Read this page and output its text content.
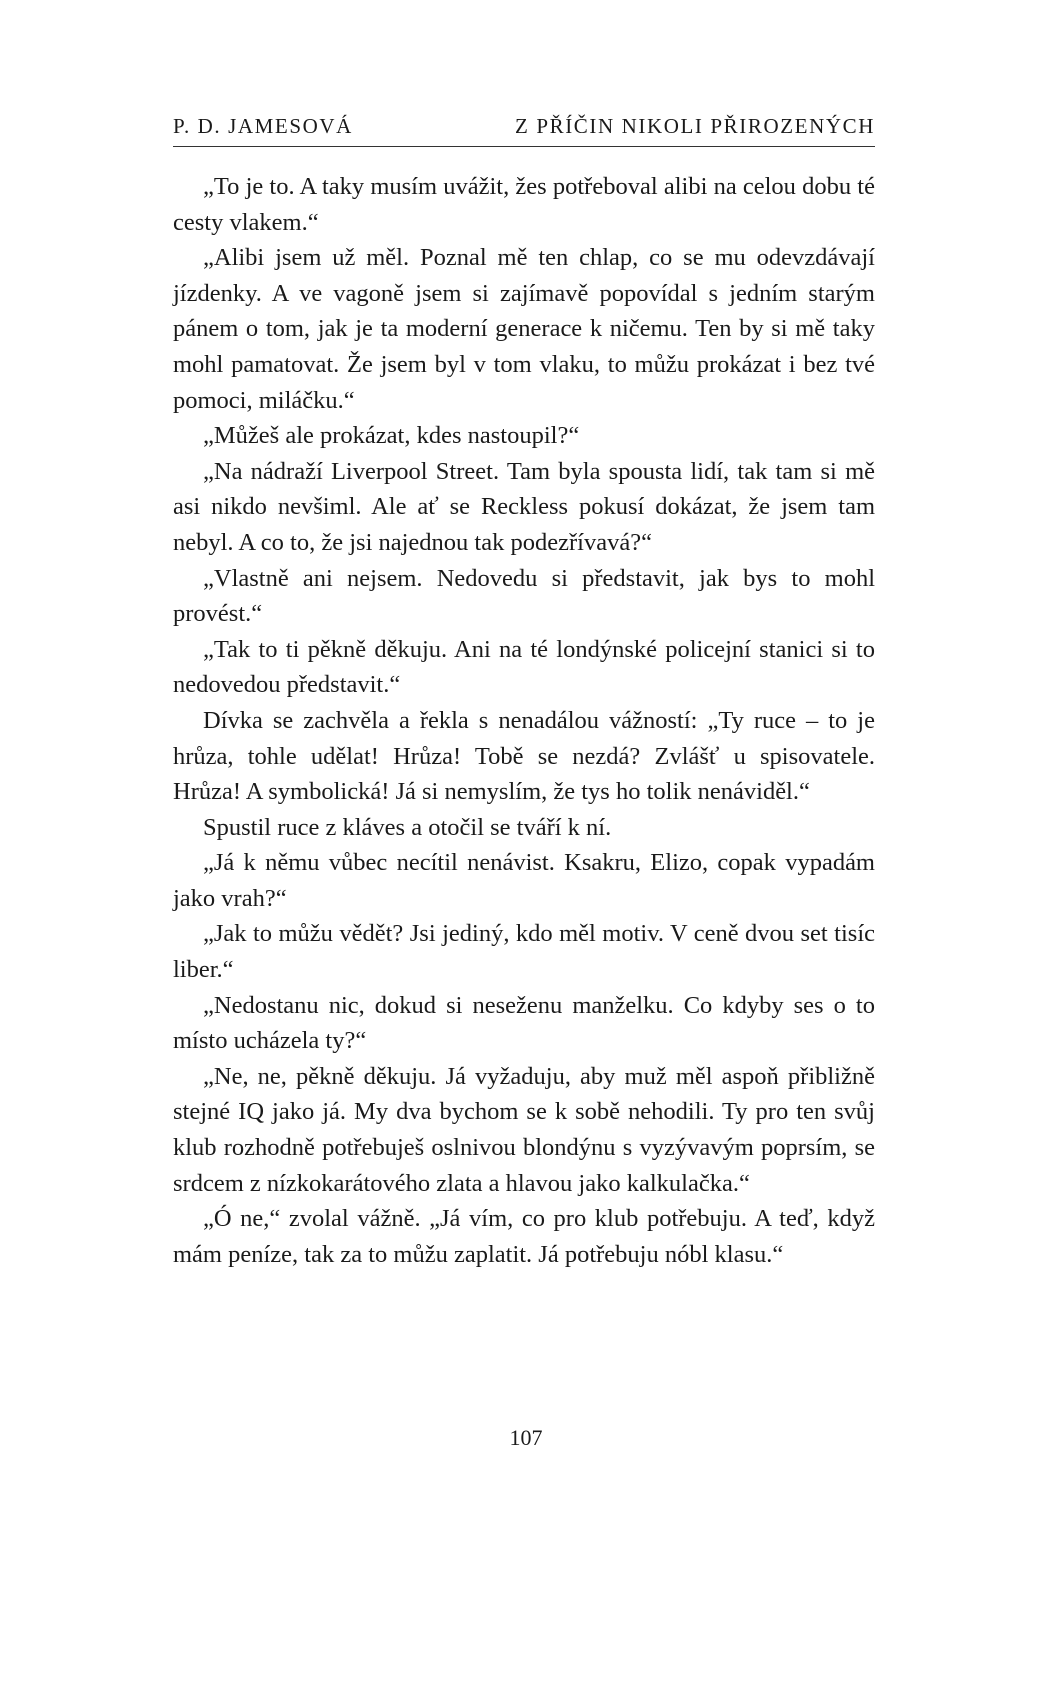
P. D. JAMESOVÁ	Z PŘÍČIN NIKOLI PŘIROZENÝCH

„To je to. A taky musím uvážit, žes potřeboval alibi na celou dobu té cesty vlakem.“

„Alibi jsem už měl. Poznal mě ten chlap, co se mu odevzdávají jízdenky. A ve vagoně jsem si zajímavě popovídal s jedním starým pánem o tom, jak je ta moderní generace k ničemu. Ten by si mě taky mohl pamatovat. Že jsem byl v tom vlaku, to můžu prokázat i bez tvé pomoci, miláčku.“

„Můžeš ale prokázat, kdes nastoupil?“

„Na nádraží Liverpool Street. Tam byla spousta lidí, tak tam si mě asi nikdo nevšiml. Ale ať se Reckless pokusí dokázat, že jsem tam nebyl. A co to, že jsi najednou tak podezřívavá?“

„Vlastně ani nejsem. Nedovedu si představit, jak bys to mohl provést.“

„Tak to ti pěkně děkuju. Ani na té londýnské policejní stanici si to nedovedou představit.“

Dívka se zachvěla a řekla s nenadálou vážností: „Ty ruce – to je hrůza, tohle udělat! Hrůza! Tobě se nezdá? Zvlášť u spisovatele. Hrůza! A symbolická! Já si nemyslím, že tys ho tolik nenáviděl.“

Spustil ruce z kláves a otočil se tváří k ní.

„Já k němu vůbec necítil nenávist. Ksakru, Elizo, copak vypadám jako vrah?“

„Jak to můžu vědět? Jsi jediný, kdo měl motiv. V ceně dvou set tisíc liber.“

„Nedostanu nic, dokud si neseženu manželku. Co kdyby ses o to místo ucházela ty?“

„Ne, ne, pěkně děkuju. Já vyžaduju, aby muž měl aspoň přibližně stejné IQ jako já. My dva bychom se k sobě nehodili. Ty pro ten svůj klub rozhodně potřebuješ oslnivou blondýnu s vyzývavým poprsím, se srdcem z nízkokarátového zlata a hlavou jako kalkulačka.“

„Ó ne,“ zvolal vážně. „Já vím, co pro klub potřebuju. A teď, když mám peníze, tak za to můžu zaplatit. Já potřebuju nóbl klasu.“

107
